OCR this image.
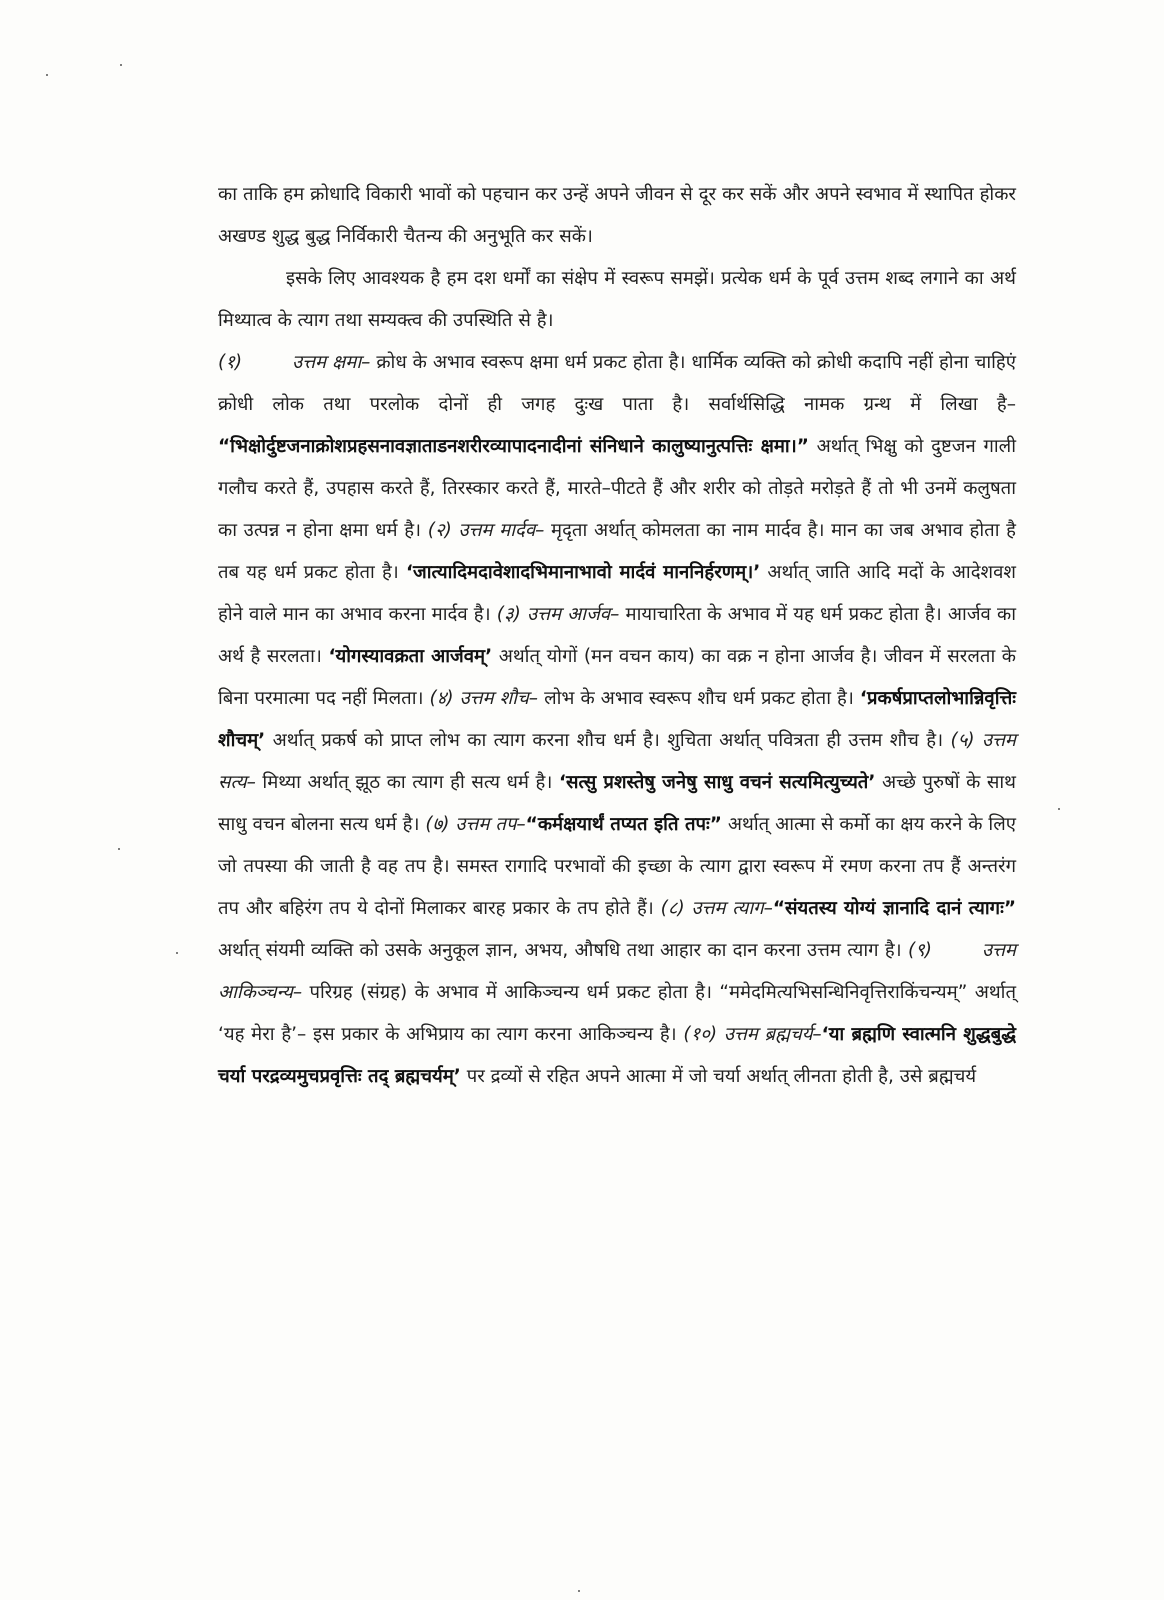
का ताकि हम क्रोधादि विकारी भावों को पहचान कर उन्हें अपने जीवन से दूर कर सकें और अपने स्वभाव में स्थापित होकर अखण्ड शुद्ध बुद्ध निर्विकारी चैतन्य की अनुभूति कर सकें।

इसके लिए आवश्यक है हम दश धर्मों का संक्षेप में स्वरूप समझें। प्रत्येक धर्म के पूर्व उत्तम शब्द लगाने का अर्थ मिथ्यात्व के त्याग तथा सम्यक्त्व की उपस्थिति से है।

(१)	उत्तम क्षमा– क्रोध के अभाव स्वरूप क्षमा धर्म प्रकट होता है। धार्मिक व्यक्ति को क्रोधी कदापि नहीं होना चाहिएं क्रोधी लोक तथा परलोक दोनों ही जगह दुःख पाता है। सर्वार्थसिद्धि नामक ग्रन्थ में लिखा है– “भिक्षोर्दुष्टजनाक्रोशप्रहसनावज्ञाताडनशरीरव्यापादनादीनां संनिधाने कालुष्यानुत्पत्तिः क्षमा।” अर्थात् भिक्षु को दुष्टजन गाली गलौच करते हैं, उपहास करते हैं, तिरस्कार करते हैं, मारते–पीटते हैं और शरीर को तोड़ते मरोड़ते हैं तो भी उनमें कलुषता का उत्पन्न न होना क्षमा धर्म है। (२) उत्तम मार्दव– मृदृता अर्थात् कोमलता का नाम मार्दव है। मान का जब अभाव होता है तब यह धर्म प्रकट होता है। ‘जात्यादिमदावेशादभिमानाभावो मार्दवं माननिर्हरणम्।’ अर्थात् जाति आदि मदों के आदेशवश होने वाले मान का अभाव करना मार्दव है। (३) उत्तम आर्जव– मायाचारिता के अभाव में यह धर्म प्रकट होता है। आर्जव का अर्थ है सरलता। ‘योगस्यावक्रता आर्जवम्’ अर्थात् योगों (मन वचन काय) का वक्र न होना आर्जव है। जीवन में सरलता के बिना परमात्मा पद नहीं मिलता। (४) उत्तम शौच– लोभ के अभाव स्वरूप शौच धर्म प्रकट होता है। ‘प्रकर्षप्राप्तलोभान्निवृत्तिः शौचम्’ अर्थात् प्रकर्ष को प्राप्त लोभ का त्याग करना शौच धर्म है। शुचिता अर्थात् पवित्रता ही उत्तम शौच है। (५) उत्तम सत्य– मिथ्या अर्थात् झूठ का त्याग ही सत्य धर्म है। ‘सत्सु प्रशस्तेषु जनेषु साधु वचनं सत्यमित्युच्यते’ अच्छे पुरुषों के साथ साधु वचन बोलना सत्य धर्म है। (७) उत्तम तप–“कर्मक्षयार्थं तप्यत इति तपः” अर्थात् आत्मा से कर्मो का क्षय करने के लिए जो तपस्या की जाती है वह तप है। समस्त रागादि परभावों की इच्छा के त्याग द्वारा स्वरूप में रमण करना तप हैं अन्तरंग तप और बहिरंग तप ये दोनों मिलाकर बारह प्रकार के तप होते हैं। (८) उत्तम त्याग–“संयतस्य योग्यं ज्ञानादि दानं त्यागः” अर्थात् संयमी व्यक्ति को उसके अनुकूल ज्ञान, अभय, औषधि तथा आहार का दान करना उत्तम त्याग है। (९)	उत्तम आकिञ्चन्य– परिग्रह (संग्रह) के अभाव में आकिञ्चन्य धर्म प्रकट होता है। “ममेदमित्यभिसन्धिनिवृत्तिराकिंचन्यम्” अर्थात् ‘यह मेरा है’– इस प्रकार के अभिप्राय का त्याग करना आकिञ्चन्य है। (१०) उत्तम ब्रह्मचर्य–‘या ब्रह्मणि स्वात्मनि शुद्धबुद्धे चर्या परद्रव्यमुचप्रवृत्तिः तद् ब्रह्मचर्यम्’ पर द्रव्यों से रहित अपने आत्मा में जो चर्या अर्थात् लीनता होती है, उसे ब्रह्मचर्य
